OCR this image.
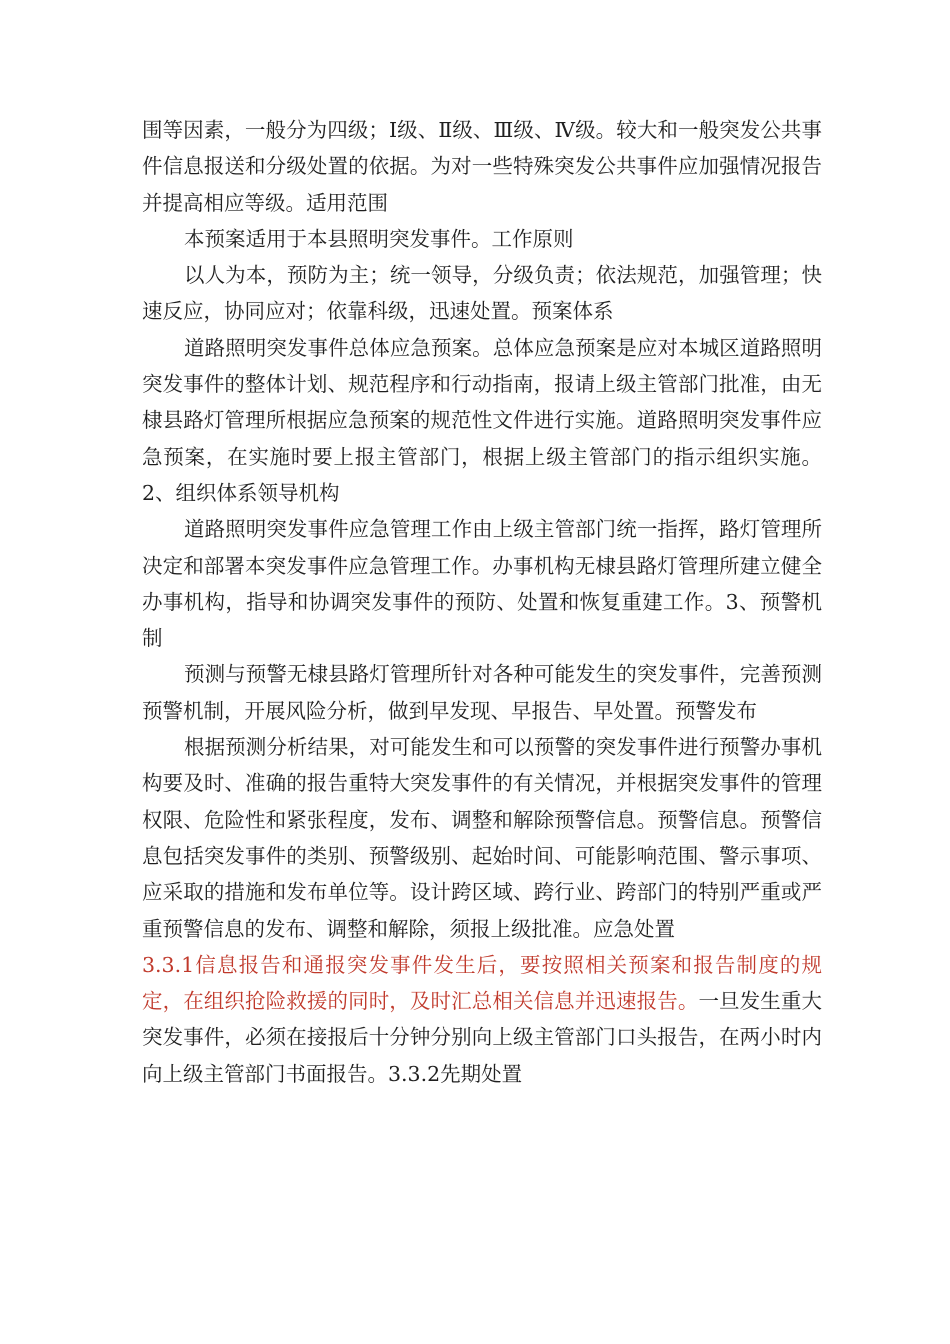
围等因素，一般分为四级；Ⅰ级、Ⅱ级、Ⅲ级、Ⅳ级。较大和一般突发公共事件信息报送和分级处置的依据。为对一些特殊突发公共事件应加强情况报告并提高相应等级。适用范围

本预案适用于本县照明突发事件。工作原则

以人为本，预防为主；统一领导，分级负责；依法规范，加强管理；快速反应，协同应对；依靠科级，迅速处置。预案体系

道路照明突发事件总体应急预案。总体应急预案是应对本城区道路照明突发事件的整体计划、规范程序和行动指南，报请上级主管部门批准，由无棣县路灯管理所根据应急预案的规范性文件进行实施。道路照明突发事件应急预案，在实施时要上报主管部门，根据上级主管部门的指示组织实施。2、组织体系领导机构

道路照明突发事件应急管理工作由上级主管部门统一指挥，路灯管理所决定和部署本突发事件应急管理工作。办事机构无棣县路灯管理所建立健全办事机构，指导和协调突发事件的预防、处置和恢复重建工作。3、预警机制

预测与预警无棣县路灯管理所针对各种可能发生的突发事件，完善预测预警机制，开展风险分析，做到早发现、早报告、早处置。预警发布

根据预测分析结果，对可能发生和可以预警的突发事件进行预警办事机构要及时、准确的报告重特大突发事件的有关情况，并根据突发事件的管理权限、危险性和紧张程度，发布、调整和解除预警信息。预警信息。预警信息包括突发事件的类别、预警级别、起始时间、可能影响范围、警示事项、应采取的措施和发布单位等。设计跨区域、跨行业、跨部门的特别严重或严重预警信息的发布、调整和解除，须报上级批准。应急处置

3.3.1信息报告和通报突发事件发生后，要按照相关预案和报告制度的规定，在组织抢险救援的同时，及时汇总相关信息并迅速报告。一旦发生重大突发事件，必须在接报后十分钟分别向上级主管部门口头报告，在两小时内向上级主管部门书面报告。3.3.2先期处置
